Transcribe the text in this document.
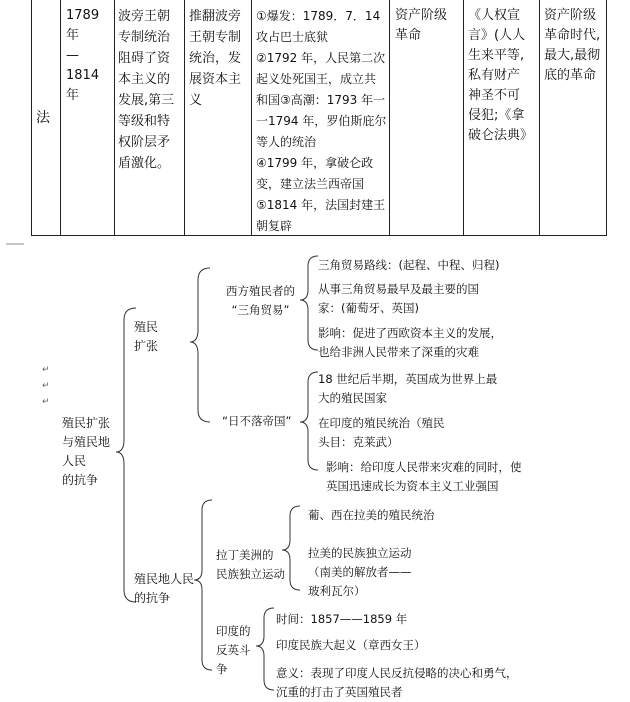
法
1789 年
— 1814
年
波旁王朝
专制统治
阻碍了资
本主义的
发展,第三
等级和特
权阶层矛
盾激化。
推翻波旁
王朝专制
统治，发
展资本主
义
①爆发：1789．7．14
攻占巴士底狱
②1792 年，人民第二次
起义处死国王，成立共
和国③高潮：1793 年一
一1794 年，罗伯斯庇尔
等人的统治
④1799 年，拿破仑政
变，建立法兰西帝国
⑤1814 年，法国封建王
朝复辟
资产阶级
革命
《人权宣
言》(人人
生来平等,
私有财产
神圣不可
侵犯;《拿
破仑法典》
资产阶级
革命时代,
最大,最彻
底的革命
↵
↵
↵
殖民扩张
与殖民地
人民
的抗争
殖民
扩张
西方殖民者的
“三角贸易”
三角贸易路线：(起程、中程、归程)
从事三角贸易最早及最主要的国
家：(葡萄牙、英国)
影响：促进了西欧资本主义的发展，
也给非洲人民带来了深重的灾难
“日不落帝国”
18 世纪后半期，英国成为世界上最
大的殖民国家
在印度的殖民统治（殖民
头目：克莱武）
影响：给印度人民带来灾难的同时，使
英国迅速成长为资本主义工业强国
殖民地人民
的抗争
拉丁美洲的
民族独立运动
葡、西在拉美的殖民统治
拉美的民族独立运动
（南美的解放者——
玻利瓦尔）
印度的
反英斗
争
时间：1857——1859 年
印度民族大起义（章西女王）
意义：表现了印度人民反抗侵略的决心和勇气，
沉重的打击了英国殖民者
